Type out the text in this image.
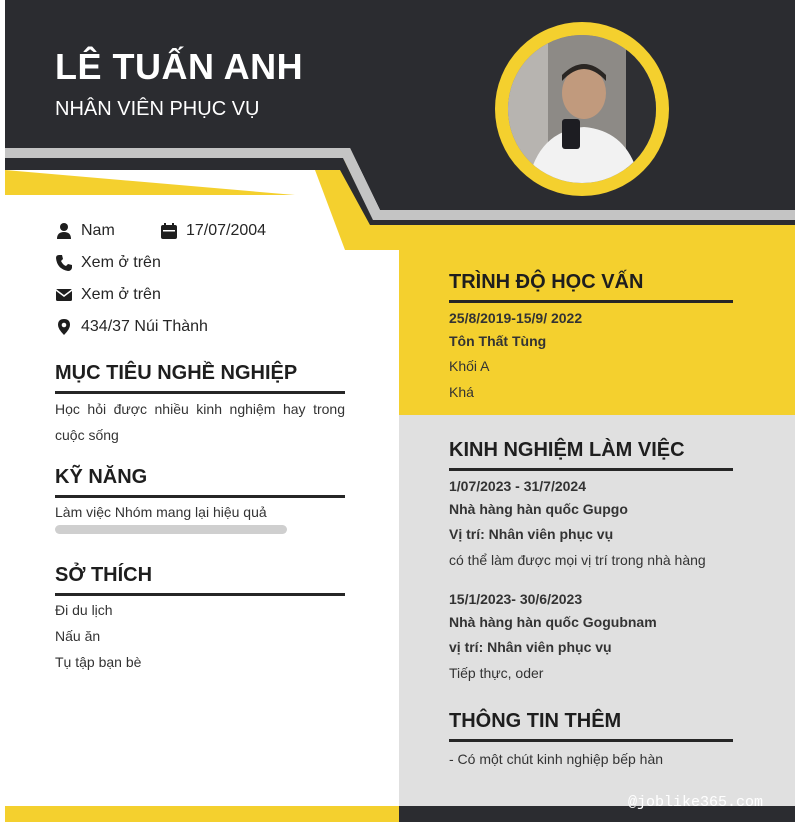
LÊ TUẤN ANH
NHÂN VIÊN PHỤC VỤ
Nam	17/07/2004
Xem ở trên
Xem ở trên
434/37 Núi Thành
MỤC TIÊU NGHỀ NGHIỆP
Học hỏi được nhiều kinh nghiệm hay trong cuộc sống
KỸ NĂNG
Làm việc Nhóm mang lại hiệu quả
SỞ THÍCH
Đi du lịch
Nấu ăn
Tụ tập bạn bè
TRÌNH ĐỘ HỌC VẤN
25/8/2019-15/9/ 2022
Tôn Thất Tùng
Khối A
Khá
KINH NGHIỆM LÀM VIỆC
1/07/2023 - 31/7/2024
Nhà hàng hàn quốc Gupgo
Vị trí: Nhân viên phục vụ
có thể làm được mọi vị trí trong nhà hàng
15/1/2023- 30/6/2023
Nhà hàng hàn quốc Gogubnam
vị trí: Nhân viên phục vụ
Tiếp thực, oder
THÔNG TIN THÊM
- Có một chút kinh nghiệp bếp hàn
@joblike365.com
